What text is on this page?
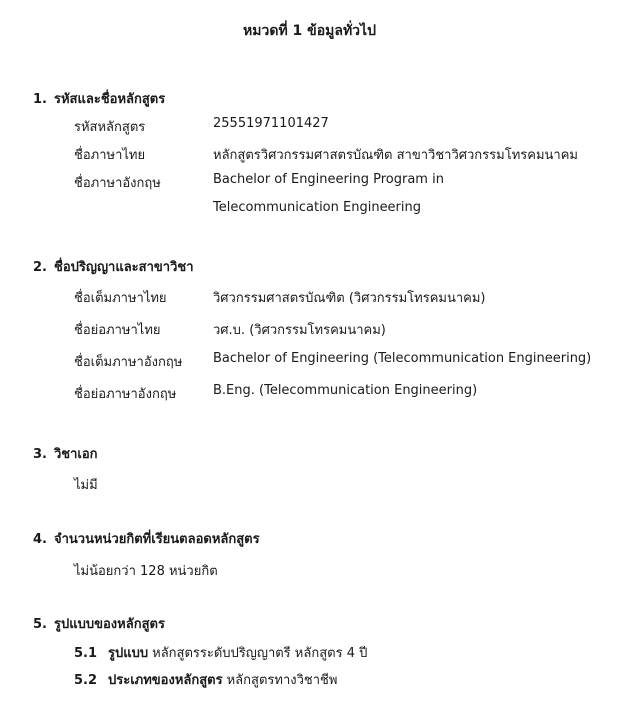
หมวดที่ 1 ข้อมูลทั่วไป
1. รหัสและชื่อหลักสูตร
รหัสหลักสูตร	25551971101427
ชื่อภาษาไทย	หลักสูตรวิศวกรรมศาสตรบัณฑิต สาขาวิชาวิศวกรรมโทรคมนาคม
ชื่อภาษาอังกฤษ	Bachelor of Engineering Program in
Telecommunication Engineering
2. ชื่อปริญญาและสาขาวิชา
ชื่อเต็มภาษาไทย	วิศวกรรมศาสตรบัณฑิต (วิศวกรรมโทรคมนาคม)
ชื่อย่อภาษาไทย	วศ.บ. (วิศวกรรมโทรคมนาคม)
ชื่อเต็มภาษาอังกฤษ Bachelor of Engineering (Telecommunication Engineering)
ชื่อย่อภาษาอังกฤษ	B.Eng. (Telecommunication Engineering)
3. วิชาเอก
ไม่มี
4. จำนวนหน่วยกิตที่เรียนตลอดหลักสูตร
ไม่น้อยกว่า 128 หน่วยกิต
5. รูปแบบของหลักสูตร
5.1 รูปแบบ หลักสูตรระดับปริญญาตรี หลักสูตร 4 ปี
5.2 ประเภทของหลักสูตร หลักสูตรทางวิชาชีพ
